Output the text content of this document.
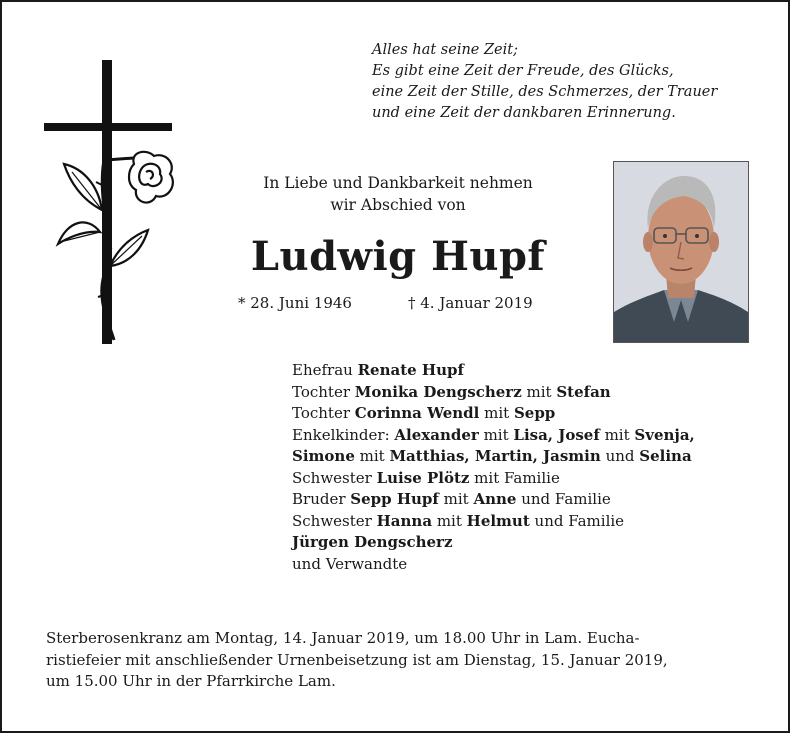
Alles hat seine Zeit;
Es gibt eine Zeit der Freude, des Glücks,
eine Zeit der Stille, des Schmerzes, der Trauer
und eine Zeit der dankbaren Erinnerung.
In Liebe und Dankbarkeit nehmen
wir Abschied von
Ludwig Hupf
* 28. Juni 1946	† 4. Januar 2019
Ehefrau Renate Hupf
Tochter Monika Dengscherz mit Stefan
Tochter Corinna Wendl mit Sepp
Enkelkinder: Alexander mit Lisa, Josef mit Svenja,
Simone mit Matthias, Martin, Jasmin und Selina
Schwester Luise Plötz mit Familie
Bruder Sepp Hupf mit Anne und Familie
Schwester Hanna mit Helmut und Familie
Jürgen Dengscherz
und Verwandte
Sterberosenkranz am Montag, 14. Januar 2019, um 18.00 Uhr in Lam. Eucha-
ristiefeier mit anschließender Urnenbeisetzung ist am Dienstag, 15. Januar 2019,
um 15.00 Uhr in der Pfarrkirche Lam.
